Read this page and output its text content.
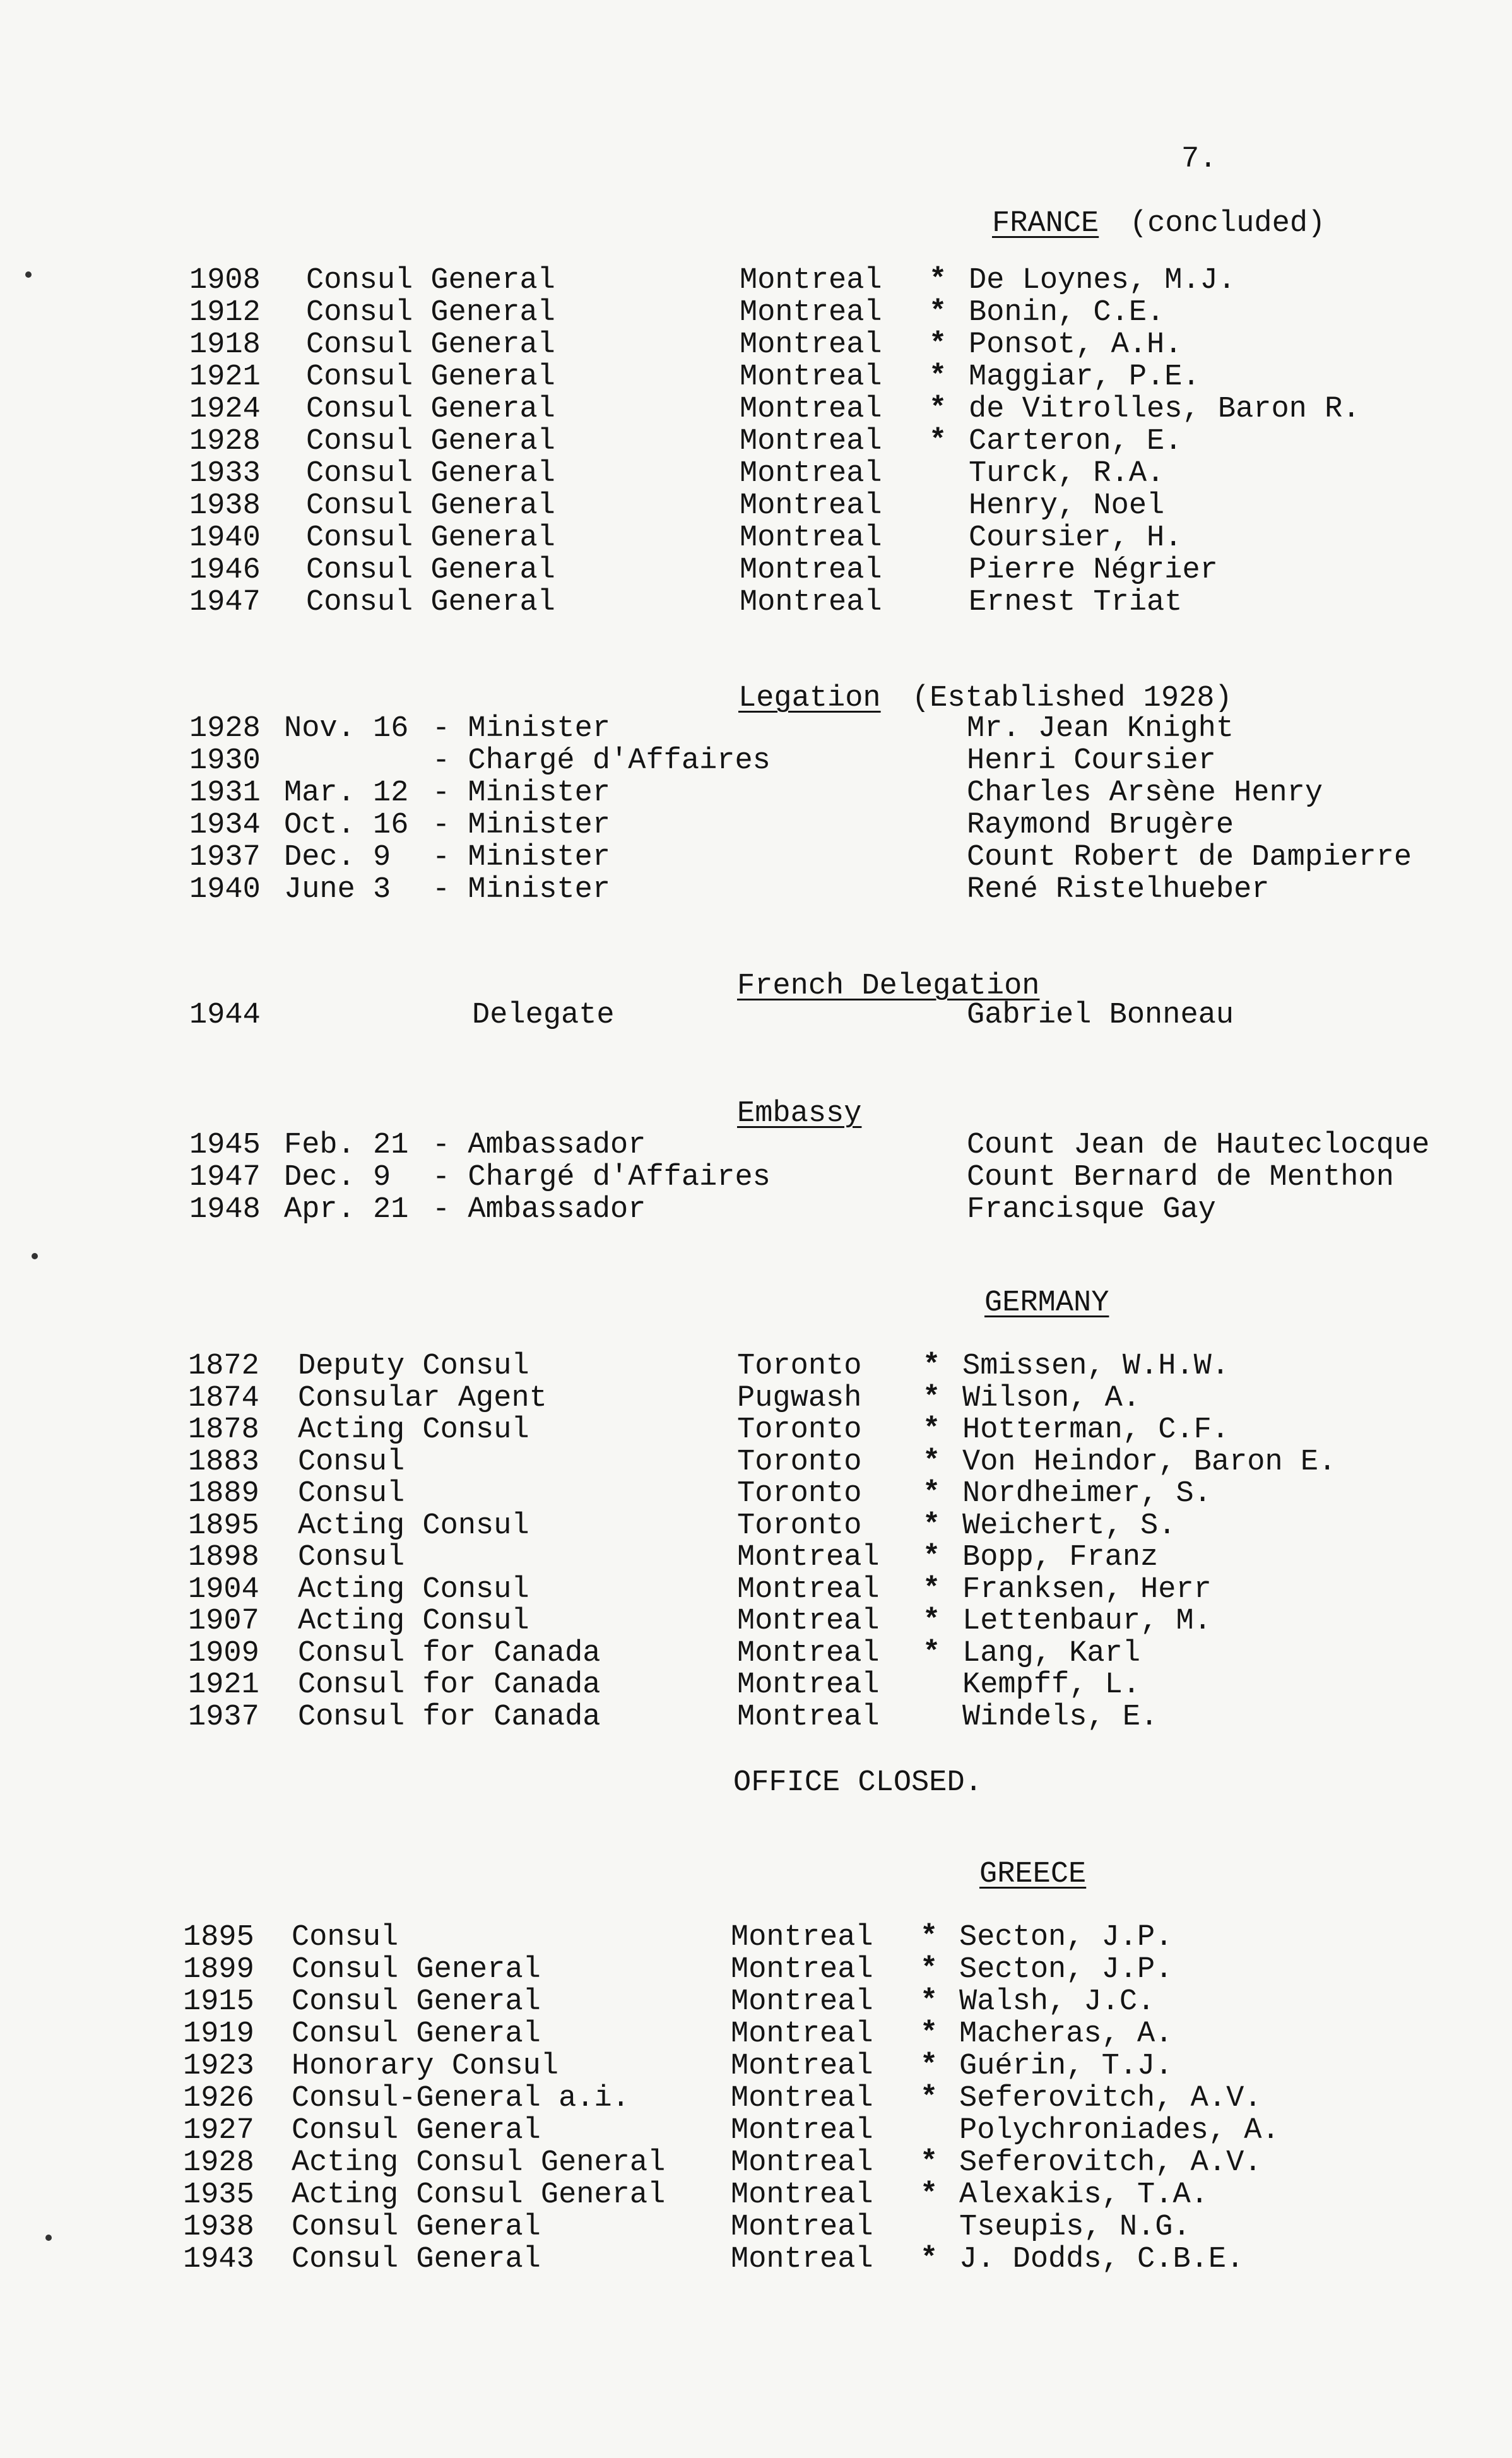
7.
FRANCE (concluded)
1908 Consul General	Montreal * De Loynes, M.J.
1912 Consul General	Montreal * Bonin, C.E.
1918 Consul General	Montreal * Ponsot, A.H.
1921 Consul General	Montreal * Maggiar, P.E.
1924 Consul General	Montreal * de Vitrolles, Baron R.
1928 Consul General	Montreal * Carteron, E.
1933 Consul General	Montreal	Turck, R.A.
1938 Consul General	Montreal	Henry, Noel
1940 Consul General	Montreal	Coursier, H.
1946 Consul General	Montreal	Pierre Négrier
1947 Consul General	Montreal	Ernest Triat
Legation (Established 1928)
1928 Nov. 16 - Minister	Mr. Jean Knight
1930	- Chargé d'Affaires	Henri Coursier
1931 Mar. 12 - Minister	Charles Arsène Henry
1934 Oct. 16 - Minister	Raymond Brugère
1937 Dec. 9 - Minister	Count Robert de Dampierre
1940 June 3 - Minister	René Ristelhueber
French Delegation
1944	Delegate	Gabriel Bonneau
Embassy
1945 Feb. 21 - Ambassador	Count Jean de Hauteclocque
1947 Dec. 9 - Chargé d'Affaires	Count Bernard de Menthon
1948 Apr. 21 - Ambassador	Francisque Gay
GERMANY
1872 Deputy Consul	Toronto * Smissen, W.H.W.
1874 Consular Agent	Pugwash * Wilson, A.
1878 Acting Consul	Toronto * Hotterman, C.F.
1883 Consul	Toronto * Von Heindor, Baron E.
1889 Consul	Toronto * Nordheimer, S.
1895 Acting Consul	Toronto * Weichert, S.
1898 Consul	Montreal * Bopp, Franz
1904 Acting Consul	Montreal * Franksen, Herr
1907 Acting Consul	Montreal * Lettenbaur, M.
1909 Consul for Canada	Montreal * Lang, Karl
1921 Consul for Canada	Montreal	Kempff, L.
1937 Consul for Canada	Montreal	Windels, E.
OFFICE CLOSED.
GREECE
1895 Consul	Montreal * Secton, J.P.
1899 Consul General	Montreal * Secton, J.P.
1915 Consul General	Montreal * Walsh, J.C.
1919 Consul General	Montreal * Macheras, A.
1923 Honorary Consul	Montreal * Guérin, T.J.
1926 Consul-General a.i.	Montreal * Seferovitch, A.V.
1927 Consul General	Montreal	Polychroniades, A.
1928 Acting Consul General Montreal * Seferovitch, A.V.
1935 Acting Consul General Montreal * Alexakis, T.A.
1938 Consul General	Montreal	Tseupis, N.G.
1943 Consul General	Montreal * J. Dodds, C.B.E.
